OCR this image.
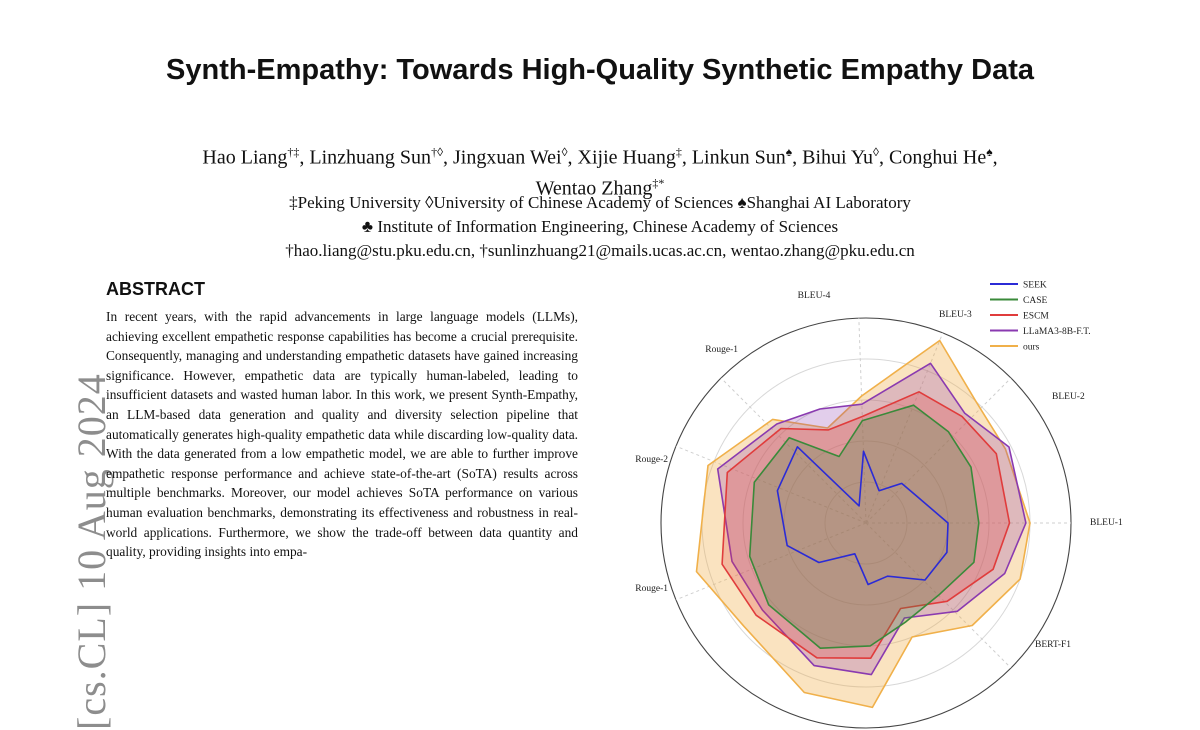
[cs.CL] 10 Aug 2024
Synth-Empathy: Towards High-Quality Synthetic Empathy Data
Hao Liang†‡, Linzhuang Sun†◊, Jingxuan Wei◊, Xijie Huang‡, Linkun Sun♠, Bihui Yu◊, Conghui He♠,
Wentao Zhang‡*
‡Peking University ◊University of Chinese Academy of Sciences ♠Shanghai AI Laboratory
♣ Institute of Information Engineering, Chinese Academy of Sciences
†hao.liang@stu.pku.edu.cn, †sunlinzhuang21@mails.ucas.ac.cn, wentao.zhang@pku.edu.cn
ABSTRACT
In recent years, with the rapid advancements in large language models (LLMs), achieving excellent empathetic response capabilities has become a crucial prerequisite. Consequently, managing and understanding empathetic datasets have gained increasing significance. However, empathetic data are typically human-labeled, leading to insufficient datasets and wasted human labor. In this work, we present Synth-Empathy, an LLM-based data generation and quality and diversity selection pipeline that automatically generates high-quality empathetic data while discarding low-quality data. With the data generated from a low empathetic model, we are able to further improve empathetic response performance and achieve state-of-the-art (SoTA) results across multiple benchmarks. Moreover, our model achieves SoTA performance on various human evaluation benchmarks, demonstrating its effectiveness and robustness in real-world applications. Furthermore, we show the trade-off between data quantity and quality, providing insights into empa-
BLEU-1
BLEU-2
BLEU-3
BLEU-4
Rouge-1
Rouge-2
Rouge-1
BERT-F1
SEEK
CASE
ESCM
LLaMA3-8B-F.T.
ours
